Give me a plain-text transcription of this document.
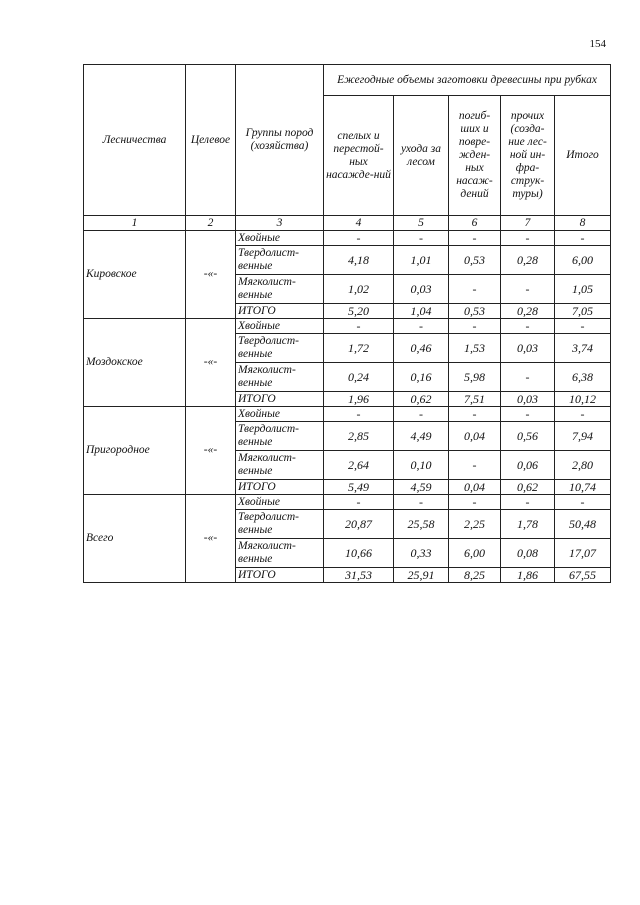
154
Лесничества	Целевое	Группы пород (хозяйства)	Ежегодные объемы заготовки древесины при рубках				
			спелых и перестой-ных насажде-ний	ухода за лесом	погиб-ших и повре-жден-ных насаж-дений	прочих (созда-ние лес-ной ин-фра-струк-туры)	Итого
1	2	3	4	5	6	7	8
Кировское	-«-	Хвойные	-	-	-	-	-
		Твердолист-венные	4,18	1,01	0,53	0,28	6,00
		Мягколист-венные	1,02	0,03	-	-	1,05
		ИТОГО	5,20	1,04	0,53	0,28	7,05
Моздокское	-«-	Хвойные	-	-	-	-	-
		Твердолист-венные	1,72	0,46	1,53	0,03	3,74
		Мягколист-венные	0,24	0,16	5,98	-	6,38
		ИТОГО	1,96	0,62	7,51	0,03	10,12
Пригородное	-«-	Хвойные	-	-	-	-	-
		Твердолист-венные	2,85	4,49	0,04	0,56	7,94
		Мягколист-венные	2,64	0,10	-	0,06	2,80
		ИТОГО	5,49	4,59	0,04	0,62	10,74
Всего	-«-	Хвойные	-	-	-	-	-
		Твердолист-венные	20,87	25,58	2,25	1,78	50,48
		Мягколист-венные	10,66	0,33	6,00	0,08	17,07
		ИТОГО	31,53	25,91	8,25	1,86	67,55
